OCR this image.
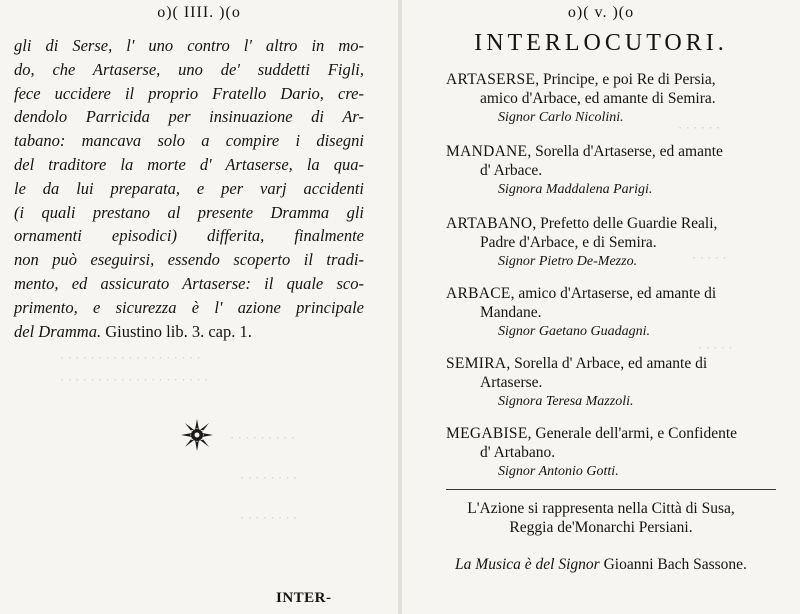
· · · · · · · · · · · · · · · · · · ·
· · · · · · · · · · · · · · · · · · · ·
· · · · · · · · ·
· · · · · · · ·
· · · · · · · ·
o)( IIII. )(o
gli di Serse, l' uno contro l' altro in mo-
do, che Artaserse, uno de' suddetti Figli,
fece uccidere il proprio Fratello Dario, cre-
dendolo Parricida per insinuazione di Ar-
tabano: mancava solo a compire i disegni
del traditore la morte d' Artaserse, la qua-
le da lui preparata, e per varj accidenti
(i quali prestano al presente Dramma gli
ornamenti episodici) differita, finalmente
non può eseguirsi, essendo scoperto il tradi-
mento, ed assicurato Artaserse: il quale sco-
primento, e sicurezza è l' azione principale
del Dramma. Giustino lib. 3. cap. 1.
INTER-
· · · · · ·
· · · · ·
· · · · ·
o)( v. )(o
INTERLOCUTORI.
ARTASERSE, Principe, e poi Re di Persia,
amico d'Arbace, ed amante di Semira.
Signor Carlo Nicolini.
MANDANE, Sorella d'Artaserse, ed amante
d' Arbace.
Signora Maddalena Parigi.
ARTABANO, Prefetto delle Guardie Reali,
Padre d'Arbace, e di Semira.
Signor Pietro De-Mezzo.
ARBACE, amico d'Artaserse, ed amante di
Mandane.
Signor Gaetano Guadagni.
SEMIRA, Sorella d' Arbace, ed amante di
Artaserse.
Signora Teresa Mazzoli.
MEGABISE, Generale dell'armi, e Confidente
d' Artabano.
Signor Antonio Gotti.
L'Azione si rappresenta nella Città di Susa,
Reggia de'Monarchi Persiani.
La Musica è del Signor Gioanni Bach Sassone.
